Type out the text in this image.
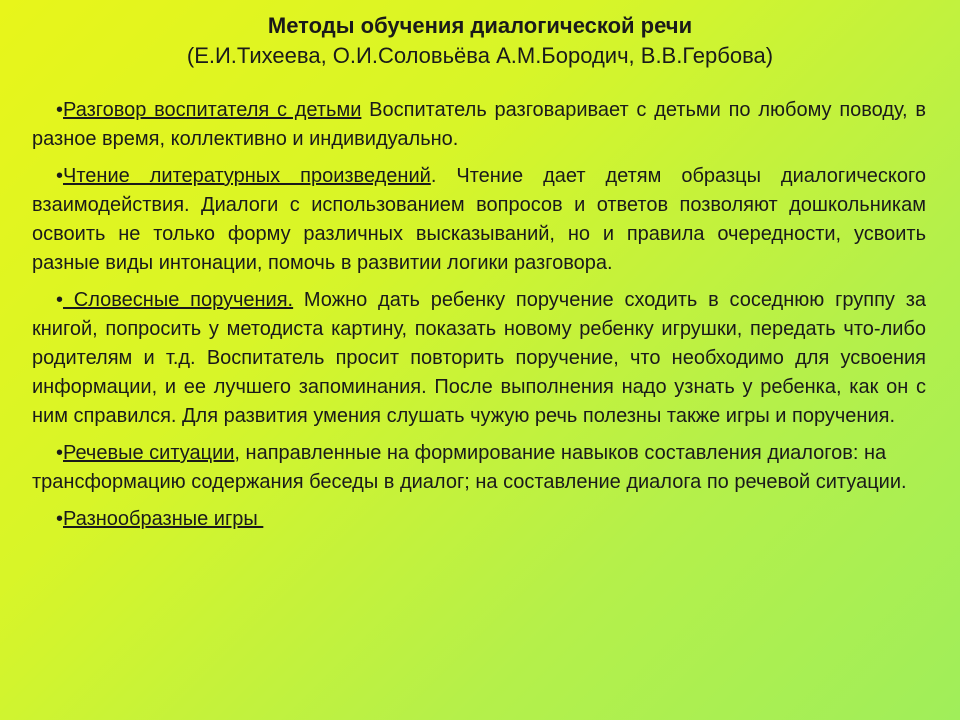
Методы обучения диалогической речи
(Е.И.Тихеева, О.И.Соловьёва А.М.Бородич, В.В.Гербова)

•Разговор воспитателя с детьми Воспитатель разговаривает с детьми по любому поводу, в разное время, коллективно и индивидуально.

•Чтение литературных произведений. Чтение дает детям образцы диалогического взаимодействия. Диалоги с использованием вопросов и ответов позволяют дошкольникам освоить не только форму различных высказываний, но и правила очередности, усвоить разные виды интонации, помочь в развитии логики разговора.

• Словесные поручения. Можно дать ребенку поручение сходить в соседнюю группу за книгой, попросить у методиста картину, показать новому ребенку игрушки, передать что-либо родителям и т.д. Воспитатель просит повторить поручение, что необходимо для усвоения информации, и ее лучшего запоминания. После выполнения надо узнать у ребенка, как он с ним справился. Для развития умения слушать чужую речь полезны также игры и поручения.

•Речевые ситуации, направленные на формирование навыков составления диалогов: на трансформацию содержания беседы в диалог; на составление диалога по речевой ситуации.

•Разнообразные игры
